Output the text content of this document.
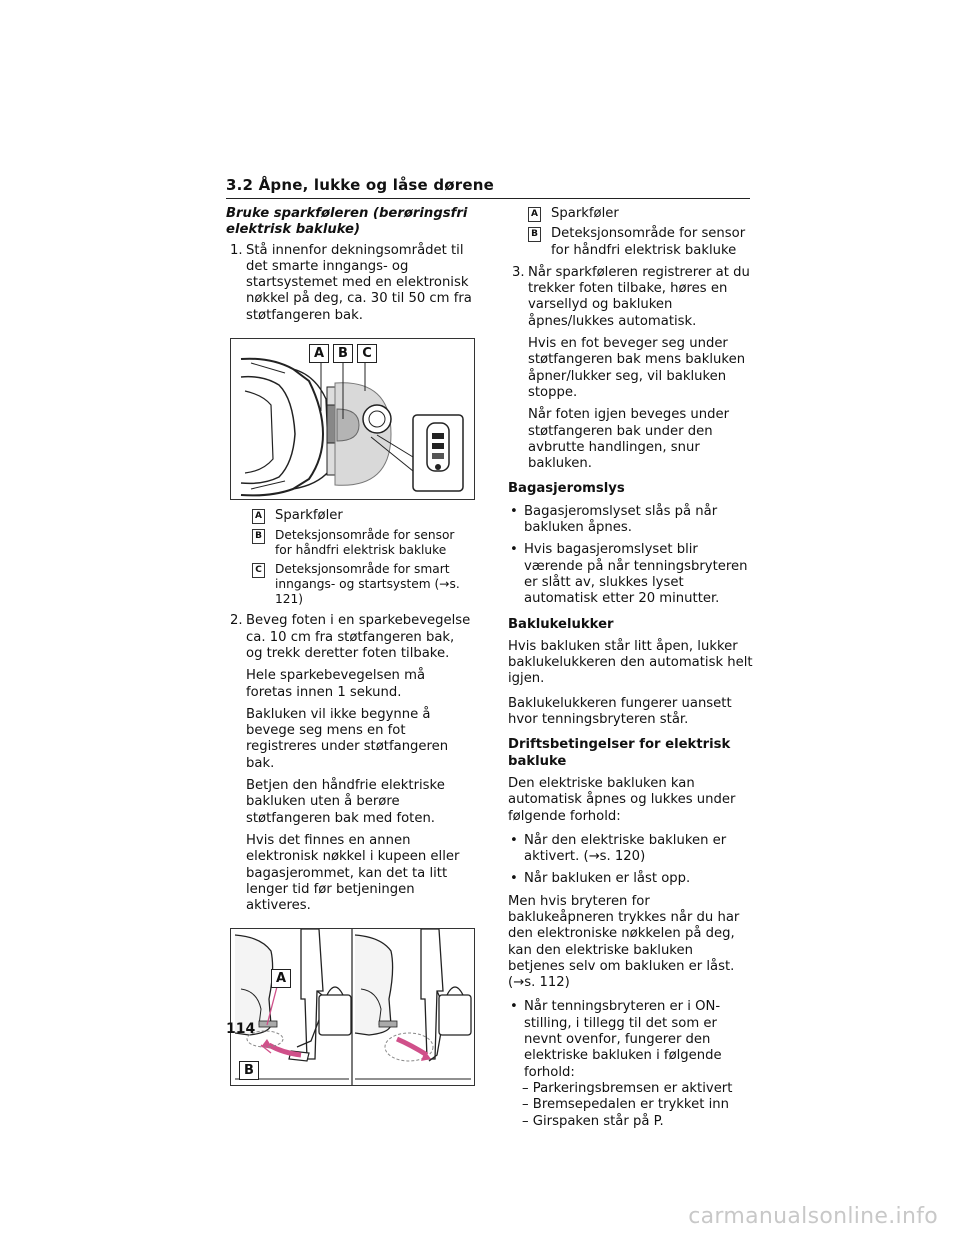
3.2 Åpne, lukke og låse dørene
Bruke sparkføleren (berøringsfri elektrisk bakluke)
1. Stå innenfor dekningsområdet til det smarte inngangs- og startsystemet med en elektronisk nøkkel på deg, ca. 30 til 50 cm fra støtfangeren bak.
A	B	C
A Sparkføler
B Deteksjonsområde for sensor for håndfri elektrisk bakluke
C Deteksjonsområde for smart inngangs- og startsystem (→s. 121)
2. Beveg foten i en sparkebevegelse ca. 10 cm fra støtfangeren bak, og trekk deretter foten tilbake.
Hele sparkebevegelsen må foretas innen 1 sekund.
Bakluken vil ikke begynne å bevege seg mens en fot registreres under støtfangeren bak.
Betjen den håndfrie elektriske bakluken uten å berøre støtfangeren bak med foten.
Hvis det finnes en annen elektronisk nøkkel i kupeen eller bagasjerommet, kan det ta litt lenger tid før betjeningen aktiveres.
A
B
A Sparkføler
B Deteksjonsområde for sensor for håndfri elektrisk bakluke
3. Når sparkføleren registrerer at du trekker foten tilbake, høres en varsellyd og bakluken åpnes/lukkes automatisk.
Hvis en fot beveger seg under støtfangeren bak mens bakluken åpner/lukker seg, vil bakluken stoppe.
Når foten igjen beveges under støtfangeren bak under den avbrutte handlingen, snur bakluken.
Bagasjeromslys
• Bagasjeromslyset slås på når bakluken åpnes.
• Hvis bagasjeromslyset blir værende på når tenningsbryteren er slått av, slukkes lyset automatisk etter 20 minutter.
Baklukelukker
Hvis bakluken står litt åpen, lukker baklukelukkeren den automatisk helt igjen.
Baklukelukkeren fungerer uansett hvor tenningsbryteren står.
Driftsbetingelser for elektrisk bakluke
Den elektriske bakluken kan automatisk åpnes og lukkes under følgende forhold:
• Når den elektriske bakluken er aktivert. (→s. 120)
• Når bakluken er låst opp.
Men hvis bryteren for baklukeåpneren trykkes når du har den elektroniske nøkkelen på deg, kan den elektriske bakluken betjenes selv om bakluken er låst. (→s. 112)
• Når tenningsbryteren er i ON-stilling, i tillegg til det som er nevnt ovenfor, fungerer den elektriske bakluken i følgende forhold:
– Parkeringsbremsen er aktivert
– Bremsepedalen er trykket inn
– Girspaken står på P.
114
carmanualsonline.info
